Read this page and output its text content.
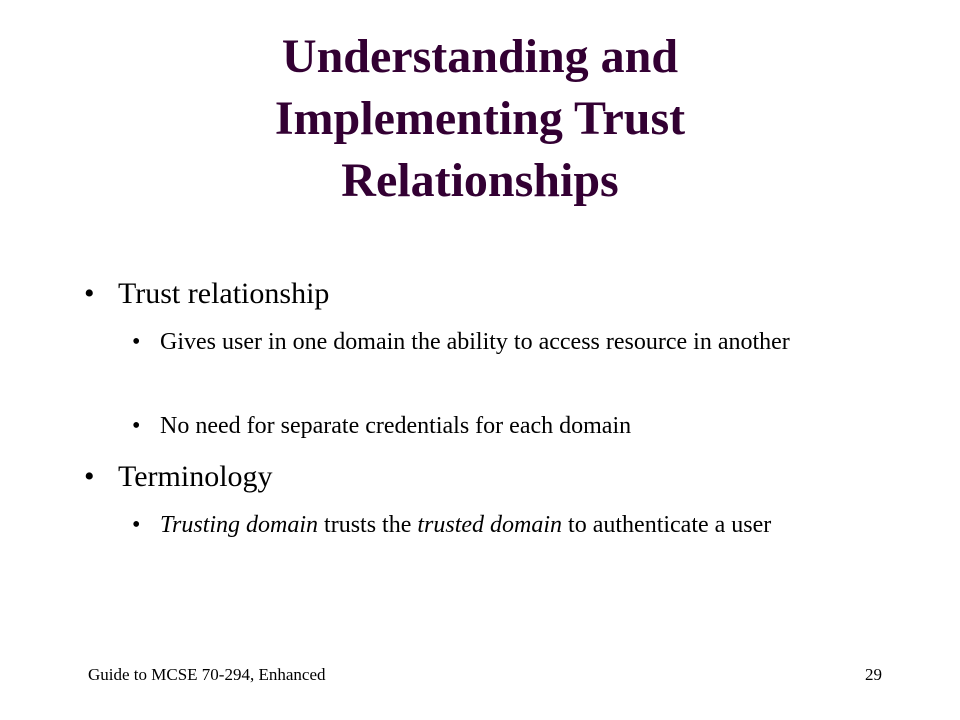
Understanding and
Implementing Trust
Relationships
• Trust relationship
• Gives user in one domain the ability to access resource in another
• No need for separate credentials for each domain
• Terminology
• Trusting domain trusts the trusted domain to authenticate a user
Guide to MCSE 70-294, Enhanced	29
